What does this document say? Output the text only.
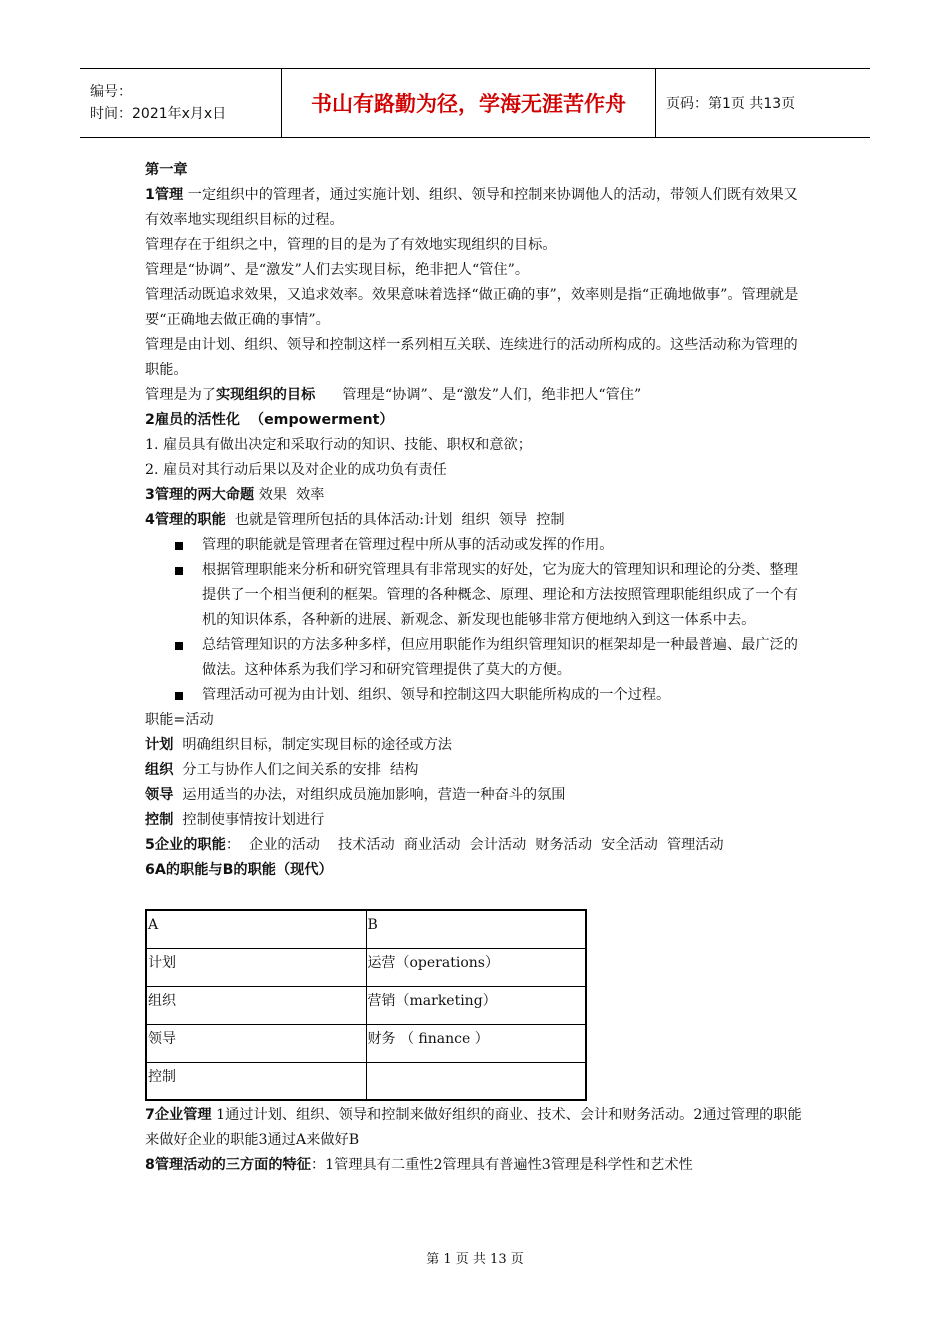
编号：
时间：2021年x月x日	书山有路勤为径，学海无涯苦作舟	页码：第1页 共13页

第一章

1管理 一定组织中的管理者，通过实施计划、组织、领导和控制来协调他人的活动，带领人们既有效果又有效率地实现组织目标的过程。

管理存在于组织之中，管理的目的是为了有效地实现组织的目标。

管理是“协调”、是“激发”人们去实现目标，绝非把人“管住”。

管理活动既追求效果，又追求效率。效果意味着选择“做正确的事”，效率则是指“正确地做事”。管理就是要“正确地去做正确的事情”。

管理是由计划、组织、领导和控制这样一系列相互关联、连续进行的活动所构成的。这些活动称为管理的职能。

管理是为了实现组织的目标      管理是“协调”、是“激发”人们，绝非把人“管住”

2雇员的活性化  （empowerment）

1. 雇员具有做出决定和采取行动的知识、技能、职权和意欲；

2. 雇员对其行动后果以及对企业的成功负有责任

3管理的两大命题 效果  效率

4管理的职能  也就是管理所包括的具体活动:计划  组织  领导  控制

管理的职能就是管理者在管理过程中所从事的活动或发挥的作用。
根据管理职能来分析和研究管理具有非常现实的好处，它为庞大的管理知识和理论的分类、整理提供了一个相当便利的框架。管理的各种概念、原理、理论和方法按照管理职能组织成了一个有机的知识体系，各种新的进展、新观念、新发现也能够非常方便地纳入到这一体系中去。
总结管理知识的方法多种多样，但应用职能作为组织管理知识的框架却是一种最普遍、最广泛的做法。这种体系为我们学习和研究管理提供了莫大的方便。
管理活动可视为由计划、组织、领导和控制这四大职能所构成的一个过程。

职能=活动

计划  明确组织目标，制定实现目标的途径或方法

组织  分工与协作人们之间关系的安排  结构

领导  运用适当的办法，对组织成员施加影响，营造一种奋斗的氛围

控制  控制使事情按计划进行

5企业的职能：  企业的活动    技术活动  商业活动  会计活动  财务活动  安全活动  管理活动

6A的职能与B的职能（现代）

A	B
计划	运营（operations）
组织	营销（marketing）
领导	财务 （ finance ）
控制	

7企业管理 1通过计划、组织、领导和控制来做好组织的商业、技术、会计和财务活动。2通过管理的职能来做好企业的职能3通过A来做好B

8管理活动的三方面的特征：1管理具有二重性2管理具有普遍性3管理是科学性和艺术性

第 1 页 共 13 页
